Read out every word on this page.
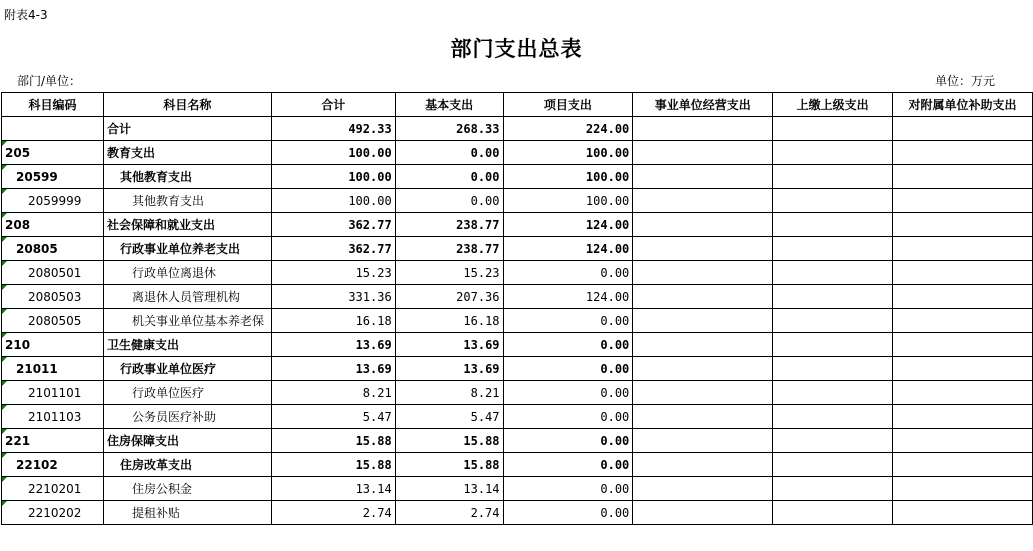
附表4-3
部门支出总表
部门/单位：	单位：万元
科目编码	科目名称	合计	基本支出	项目支出	事业单位经营支出	上缴上级支出	对附属单位补助支出
	合计	492.33	268.33	224.00			

205	教育支出	100.00	0.00	100.00			

20599	其他教育支出	100.00	0.00	100.00			

2059999	其他教育支出	100.00	0.00	100.00			

208	社会保障和就业支出	362.77	238.77	124.00			

20805	行政事业单位养老支出	362.77	238.77	124.00			

2080501	行政单位离退休	15.23	15.23	0.00			

2080503	离退休人员管理机构	331.36	207.36	124.00			

2080505	机关事业单位基本养老保	16.18	16.18	0.00			

210	卫生健康支出	13.69	13.69	0.00			

21011	行政事业单位医疗	13.69	13.69	0.00			

2101101	行政单位医疗	8.21	8.21	0.00			

2101103	公务员医疗补助	5.47	5.47	0.00			

221	住房保障支出	15.88	15.88	0.00			

22102	住房改革支出	15.88	15.88	0.00			

2210201	住房公积金	13.14	13.14	0.00			

2210202	提租补贴	2.74	2.74	0.00			
